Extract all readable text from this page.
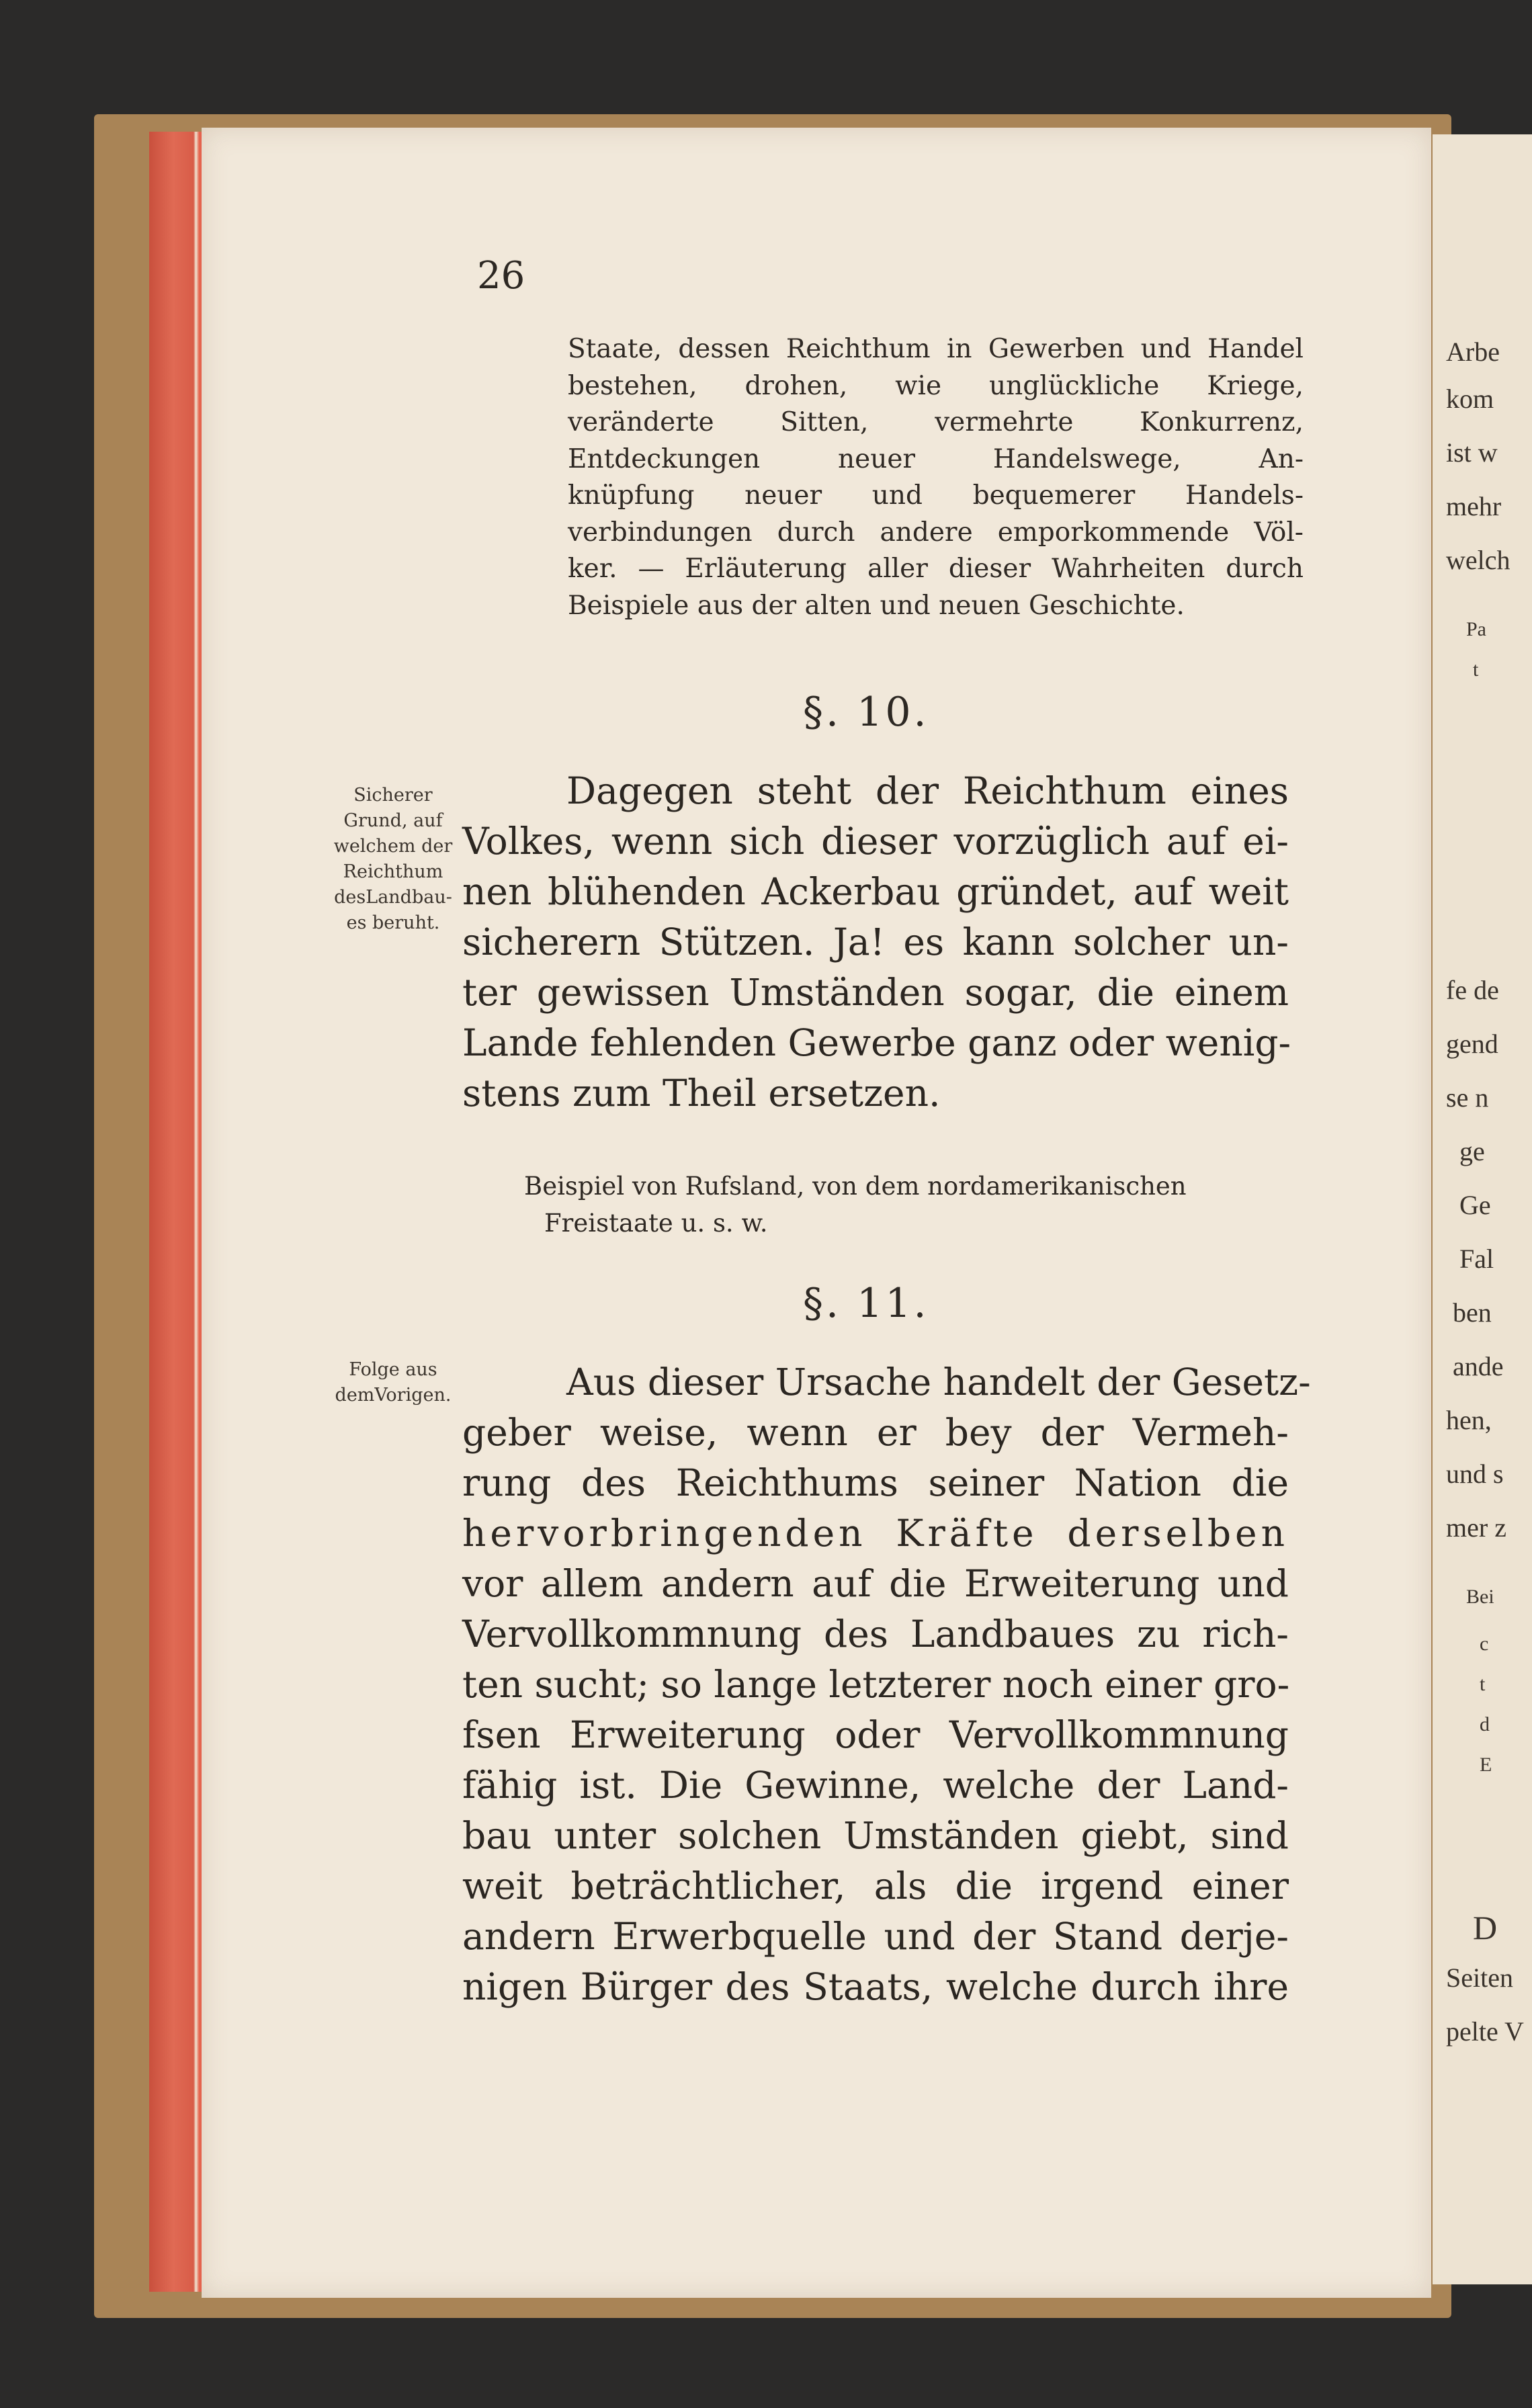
Arbe
kom
ist w
mehr
welch
Pa
t
fe de
gend
se n
ge
Ge
Fal
ben
ande
hen,
und s
mer z
Bei
c
t
d
E
D
Seiten
pelte V
26
Staate, dessen Reichthum in Gewerben und Handel
bestehen, drohen, wie unglückliche Kriege,
veränderte Sitten, vermehrte Konkurrenz,
Entdeckungen neuer Handelswege, An-
knüpfung neuer und bequemerer Handels-
verbindungen durch andere emporkommende Völ-
ker. — Erläuterung aller dieser Wahrheiten durch
Beispiele aus der alten und neuen Geschichte.
§. 10.
Sicherer
Grund, auf
welchem der
Reichthum
desLandbau-
es beruht.
Dagegen steht der Reichthum eines
Volkes, wenn sich dieser vorzüglich auf ei-
nen blühenden Ackerbau gründet, auf weit
sicherern Stützen. Ja! es kann solcher un-
ter gewissen Umständen sogar, die einem
Lande fehlenden Gewerbe ganz oder wenig-
stens zum Theil ersetzen.
Beispiel von Rufsland, von dem nordamerikanischen
Freistaate u. s. w.
§. 11.
Folge aus
demVorigen.	Aus dieser Ursache handelt der Gesetz-
geber weise, wenn er bey der Vermeh-
rung des Reichthums seiner Nation die
hervorbringenden Kräfte derselben
vor allem andern auf die Erweiterung und
Vervollkommnung des Landbaues zu rich-
ten sucht; so lange letzterer noch einer gro-
fsen Erweiterung oder Vervollkommnung
fähig ist. Die Gewinne, welche der Land-
bau unter solchen Umständen giebt, sind
weit beträchtlicher, als die irgend einer
andern Erwerbquelle und der Stand derje-
nigen Bürger des Staats, welche durch ihre
